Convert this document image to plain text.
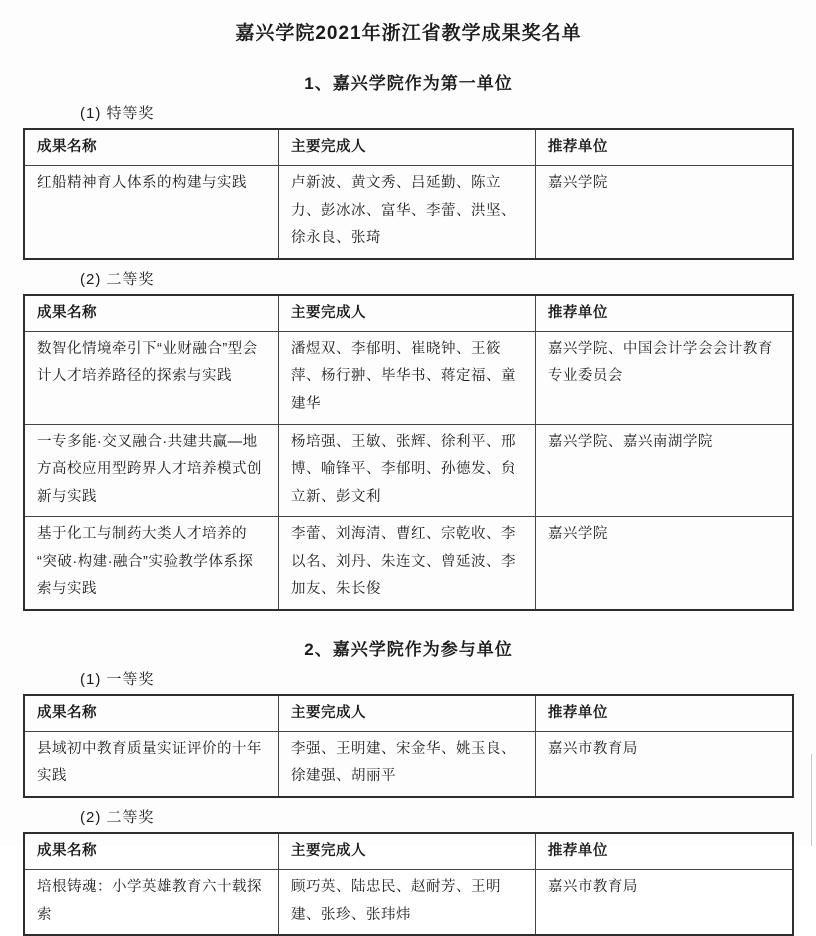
嘉兴学院2021年浙江省教学成果奖名单
1、嘉兴学院作为第一单位
(1) 特等奖
成果名称	主要完成人	推荐单位
红船精神育人体系的构建与实践	卢新波、黄文秀、吕延勤、陈立力、彭冰冰、富华、李蕾、洪坚、徐永良、张琦	嘉兴学院
(2) 二等奖
成果名称	主要完成人	推荐单位
数智化情境牵引下“业财融合”型会计人才培养路径的探索与实践	潘煜双、李郁明、崔晓钟、王筱萍、杨行翀、毕华书、蒋定福、童建华	嘉兴学院、中国会计学会会计教育专业委员会
一专多能·交叉融合·共建共赢—地方高校应用型跨界人才培养模式创新与实践	杨培强、王敏、张辉、徐利平、邢博、喻锋平、李郁明、孙德发、贠立新、彭文利	嘉兴学院、嘉兴南湖学院
基于化工与制药大类人才培养的“突破·构建·融合”实验教学体系探索与实践	李蕾、刘海清、曹红、宗乾收、李以名、刘丹、朱连文、曾延波、李加友、朱长俊	嘉兴学院
2、嘉兴学院作为参与单位
(1) 一等奖
成果名称	主要完成人	推荐单位
县域初中教育质量实证评价的十年实践	李强、王明建、宋金华、姚玉良、徐建强、胡丽平	嘉兴市教育局
(2) 二等奖
成果名称	主要完成人	推荐单位
培根铸魂：小学英雄教育六十载探索	顾巧英、陆忠民、赵耐芳、王明建、张珍、张玮炜	嘉兴市教育局
